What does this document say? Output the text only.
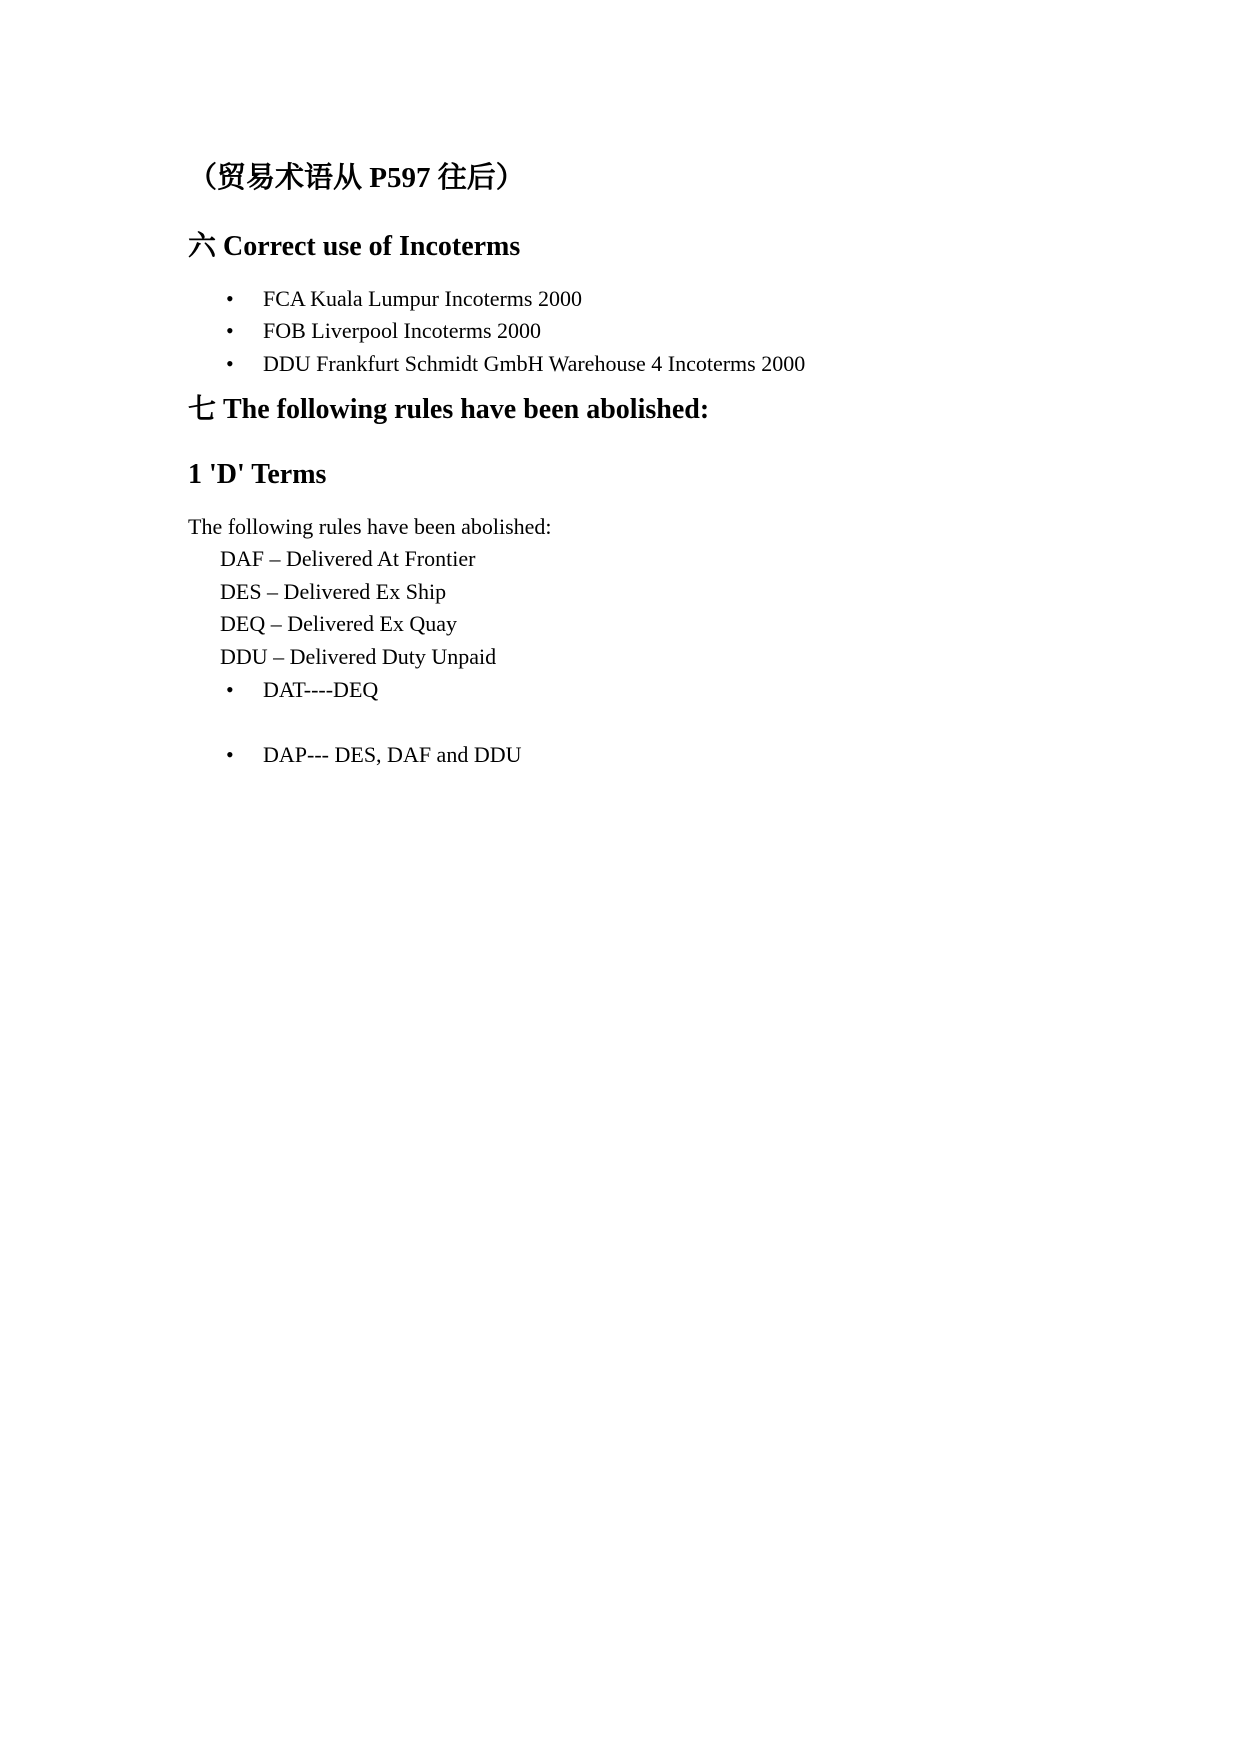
（贸易术语从 P597 往后）
六 Correct use of Incoterms
• FCA Kuala Lumpur Incoterms 2000
• FOB Liverpool Incoterms 2000
• DDU Frankfurt Schmidt GmbH Warehouse 4 Incoterms 2000
七 The following rules have been abolished:
1 'D' Terms

The following rules have been abolished:

DAF – Delivered At Frontier

DES – Delivered Ex Ship

DEQ – Delivered Ex Quay

DDU – Delivered Duty Unpaid

• DAT----DEQ
• DAP--- DES, DAF and DDU
